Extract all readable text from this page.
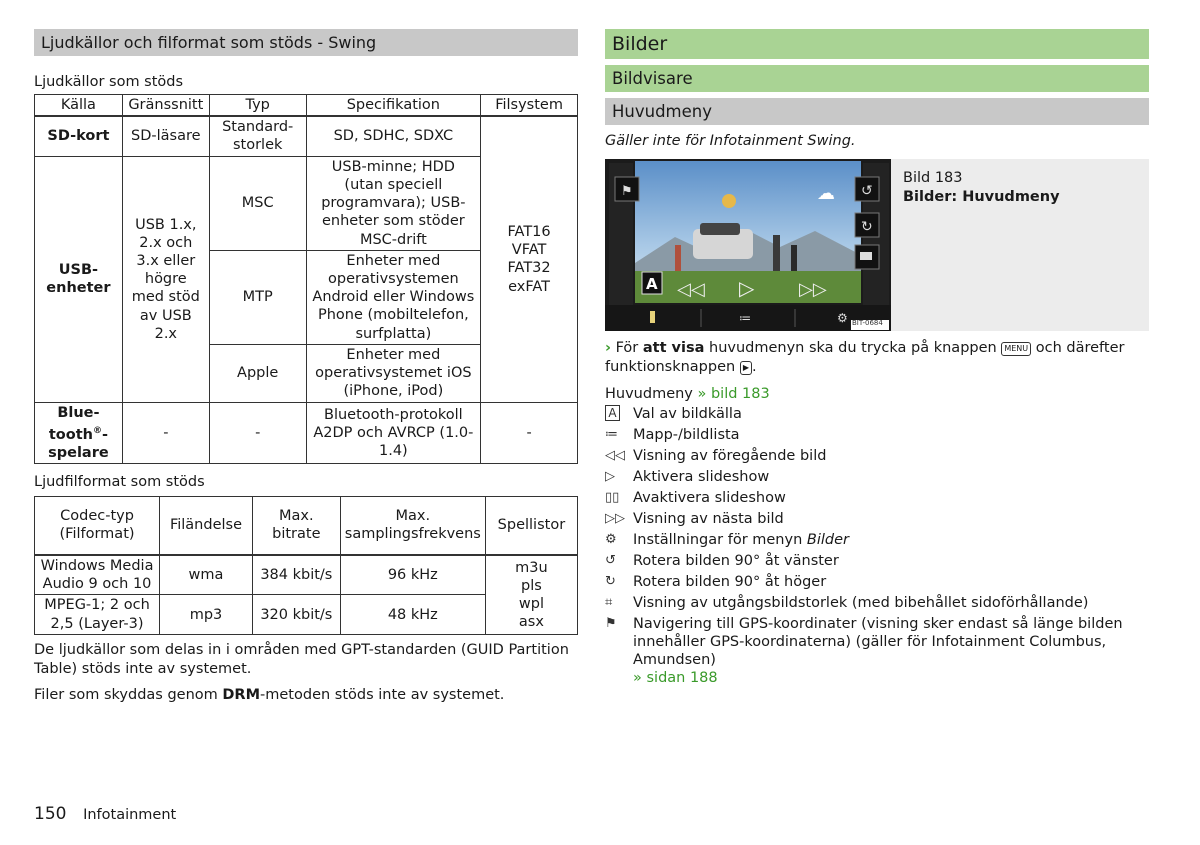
Ljudkällor och filformat som stöds - Swing
Ljudkällor som stöds
Källa	Gränssnitt	Typ	Specifikation	Filsystem
SD-kort	SD-läsare	Standard-storlek	SD, SDHC, SDXC	FAT16 VFAT FAT32 exFAT
USB-enheter	USB 1.x, 2.x och 3.x eller högre med stöd av USB 2.x	MSC	USB-minne; HDD (utan speciell programvara); USB-enheter som stöder MSC-drift	
		MTP	Enheter med operativsystemen Android eller Windows Phone (mobiltelefon, surfplatta)	
		Apple	Enheter med operativsystemet iOS (iPhone, iPod)	
Blue-
tooth®-
spelare	-	-	Bluetooth-protokoll A2DP och AVRCP (1.0-1.4)	-
Ljudfilformat som stöds
Codec-typ (Filformat)	Filändelse	Max. bitrate	Max. samplingsfrekvens	Spellistor
Windows Media Audio 9 och 10	wma	384 kbit/s	96 kHz	m3u pls wpl asx
MPEG-1; 2 och 2,5 (Layer-3)	mp3	320 kbit/s	48 kHz	

De ljudkällor som delas in i områden med GPT-standarden (GUID Partition Table) stöds inte av systemet.

Filer som skyddas genom DRM-metoden stöds inte av systemet.

Bilder
Bildvisare
Huvudmeny
Gäller inte för Infotainment Swing.
☁ ↺
↻
⚑
A ◁◁ ▷ ▷▷
≔	⚙ BIT-0684
Bild 183
Bilder: Huvudmeny

› För att visa huvudmenyn ska du trycka på knappen MENU och därefter funktionsknappen ▶ .

Huvudmeny » bild 183
A	Val av bildkälla
≔	Mapp-/bildlista
◁◁ Visning av föregående bild
▷	Aktivera slideshow
▯▯ Avaktivera slideshow
▷▷ Visning av nästa bild
⚙	Inställningar för menyn Bilder
↺	Rotera bilden 90° åt vänster
↻	Rotera bilden 90° åt höger
⌗	Visning av utgångsbildstorlek (med bibehållet sidoförhållande)
⚑	Navigering till GPS-koordinater (visning sker endast så länge bilden innehåller GPS-koordinaterna) (gäller för Infotainment Columbus, Amundsen)
» sidan 188
150 Infotainment
